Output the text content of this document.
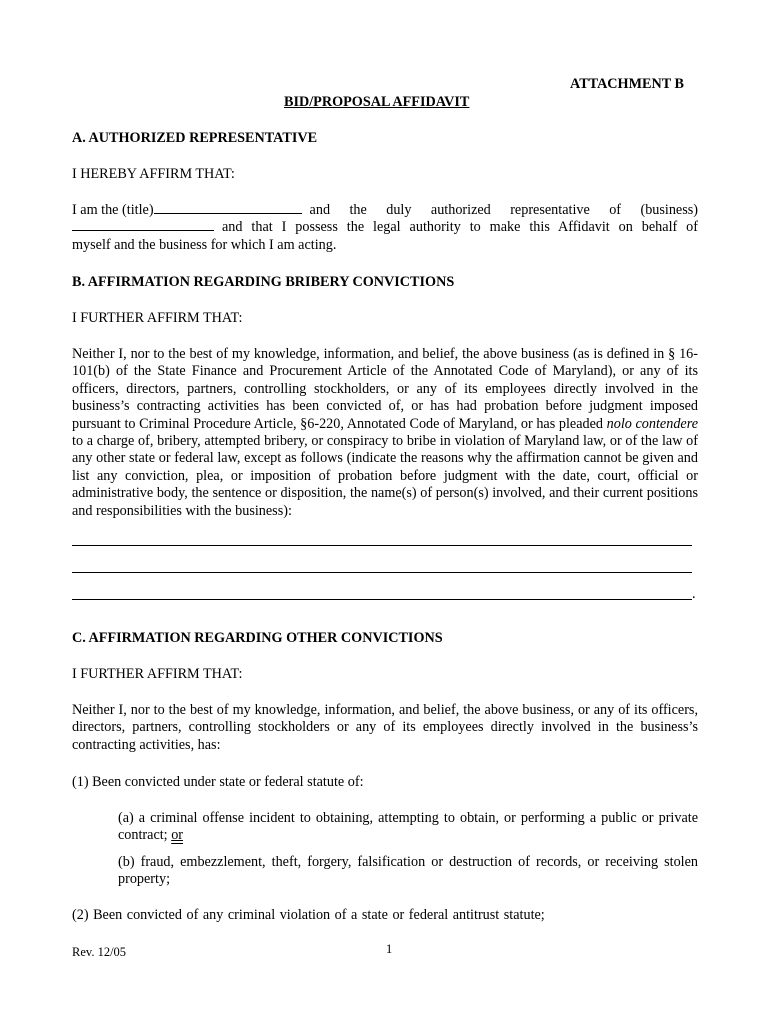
ATTACHMENT B
BID/PROPOSAL AFFIDAVIT
A. AUTHORIZED REPRESENTATIVE
I HEREBY AFFIRM THAT:
I am the (title)	and the duly authorized representative of (business)
and that I possess the legal authority to make this Affidavit on behalf of
myself and the business for which I am acting.
B. AFFIRMATION REGARDING BRIBERY CONVICTIONS
I FURTHER AFFIRM THAT:
Neither I, nor to the best of my knowledge, information, and belief, the above business (as is defined in § 16-101(b) of the State Finance and Procurement Article of the Annotated Code of Maryland), or any of its officers, directors, partners, controlling stockholders, or any of its employees directly involved in the business’s contracting activities has been convicted of, or has had probation before judgment imposed pursuant to Criminal Procedure Article, §6-220, Annotated Code of Maryland, or has pleaded nolo contendere to a charge of, bribery, attempted bribery, or conspiracy to bribe in violation of Maryland law, or of the law of any other state or federal law, except as follows (indicate the reasons why the affirmation cannot be given and list any conviction, plea, or imposition of probation before judgment with the date, court, official or administrative body, the sentence or disposition, the name(s) of person(s) involved, and their current positions and responsibilities with the business):
.
C. AFFIRMATION REGARDING OTHER CONVICTIONS
I FURTHER AFFIRM THAT:
Neither I, nor to the best of my knowledge, information, and belief, the above business, or any of its officers, directors, partners, controlling stockholders or any of its employees directly involved in the business’s contracting activities, has:
(1) Been convicted under state or federal statute of:
(a) a criminal offense incident to obtaining, attempting to obtain, or performing a public or private contract; or
(b) fraud, embezzlement, theft, forgery, falsification or destruction of records, or receiving stolen property;
(2) Been convicted of any criminal violation of a state or federal antitrust statute;
Rev. 12/05	1
